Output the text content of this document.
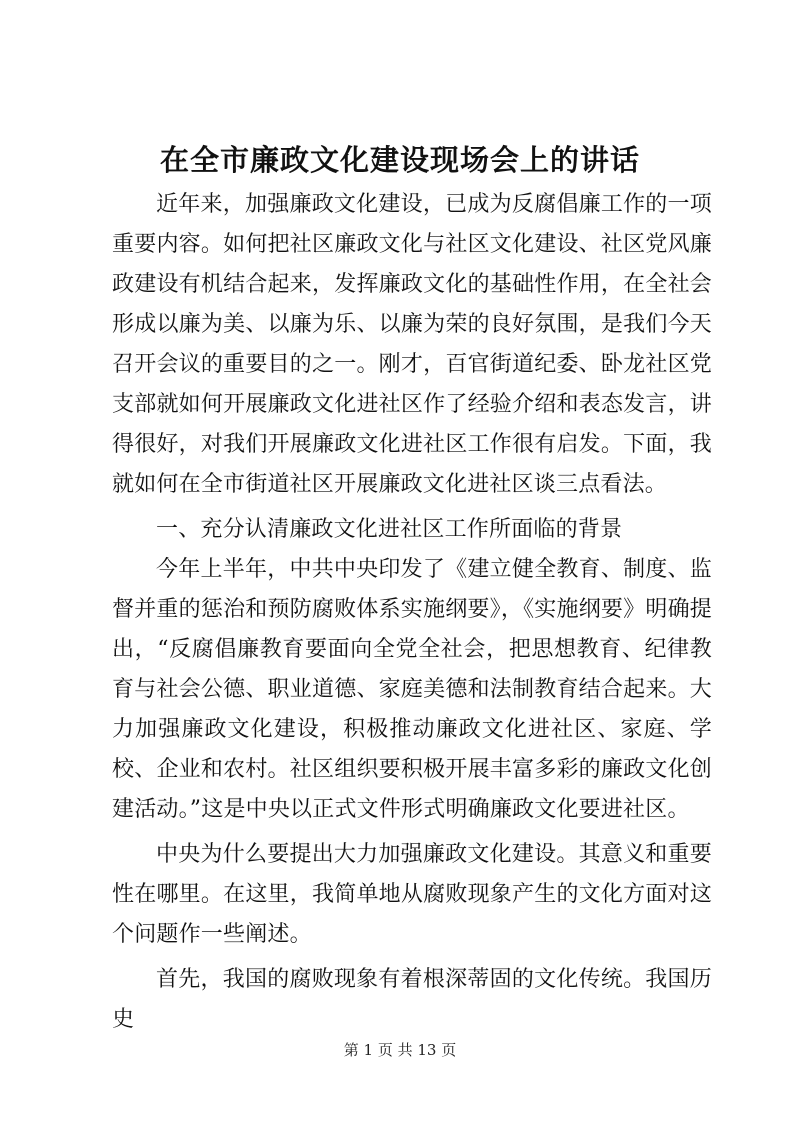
在全市廉政文化建设现场会上的讲话

近年来，加强廉政文化建设，已成为反腐倡廉工作的一项重要内容。如何把社区廉政文化与社区文化建设、社区党风廉政建设有机结合起来，发挥廉政文化的基础性作用，在全社会形成以廉为美、以廉为乐、以廉为荣的良好氛围，是我们今天召开会议的重要目的之一。刚才，百官街道纪委、卧龙社区党支部就如何开展廉政文化进社区作了经验介绍和表态发言，讲得很好，对我们开展廉政文化进社区工作很有启发。下面，我就如何在全市街道社区开展廉政文化进社区谈三点看法。

一、充分认清廉政文化进社区工作所面临的背景

今年上半年，中共中央印发了《建立健全教育、制度、监督并重的惩治和预防腐败体系实施纲要》，《实施纲要》明确提出，“反腐倡廉教育要面向全党全社会，把思想教育、纪律教育与社会公德、职业道德、家庭美德和法制教育结合起来。大力加强廉政文化建设，积极推动廉政文化进社区、家庭、学校、企业和农村。社区组织要积极开展丰富多彩的廉政文化创建活动。”这是中央以正式文件形式明确廉政文化要进社区。

中央为什么要提出大力加强廉政文化建设。其意义和重要性在哪里。在这里，我简单地从腐败现象产生的文化方面对这个问题作一些阐述。

首先，我国的腐败现象有着根深蒂固的文化传统。我国历史

第 1 页 共 13 页
